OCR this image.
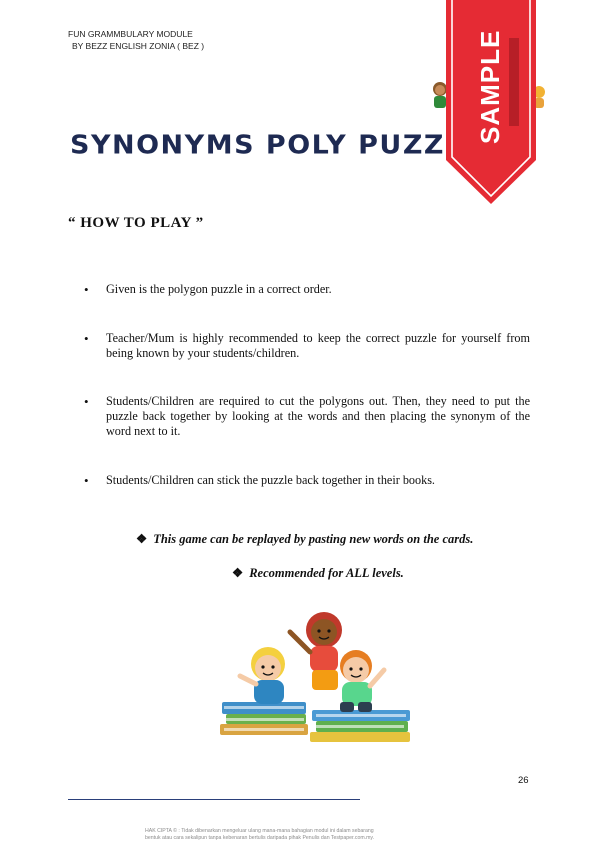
FUN GRAMMBULARY MODULE
BY BEZZ ENGLISH ZONIA ( BEZ )
SYNONYMS POLY PUZZ
SAMPLE
“ HOW TO PLAY ”
• Given is the polygon puzzle in a correct order.
• Teacher/Mum is highly recommended to keep the correct puzzle for yourself from being known by your students/children.
• Students/Children are required to cut the polygons out. Then, they need to put the puzzle back together by looking at the words and then placing the synonym of the word next to it.
• Students/Children can stick the puzzle back together in their books.
❖ This game can be replayed by pasting new words on the cards.
❖ Recommended for ALL levels.
26
HAK CIPTA © : Tidak dibenarkan mengeluar ulang mana-mana bahagian modul ini dalam sebarang
bentuk atau cara sekalipun tanpa kebenaran bertulis daripada pihak Penulis dan Testpaper.com.my.
